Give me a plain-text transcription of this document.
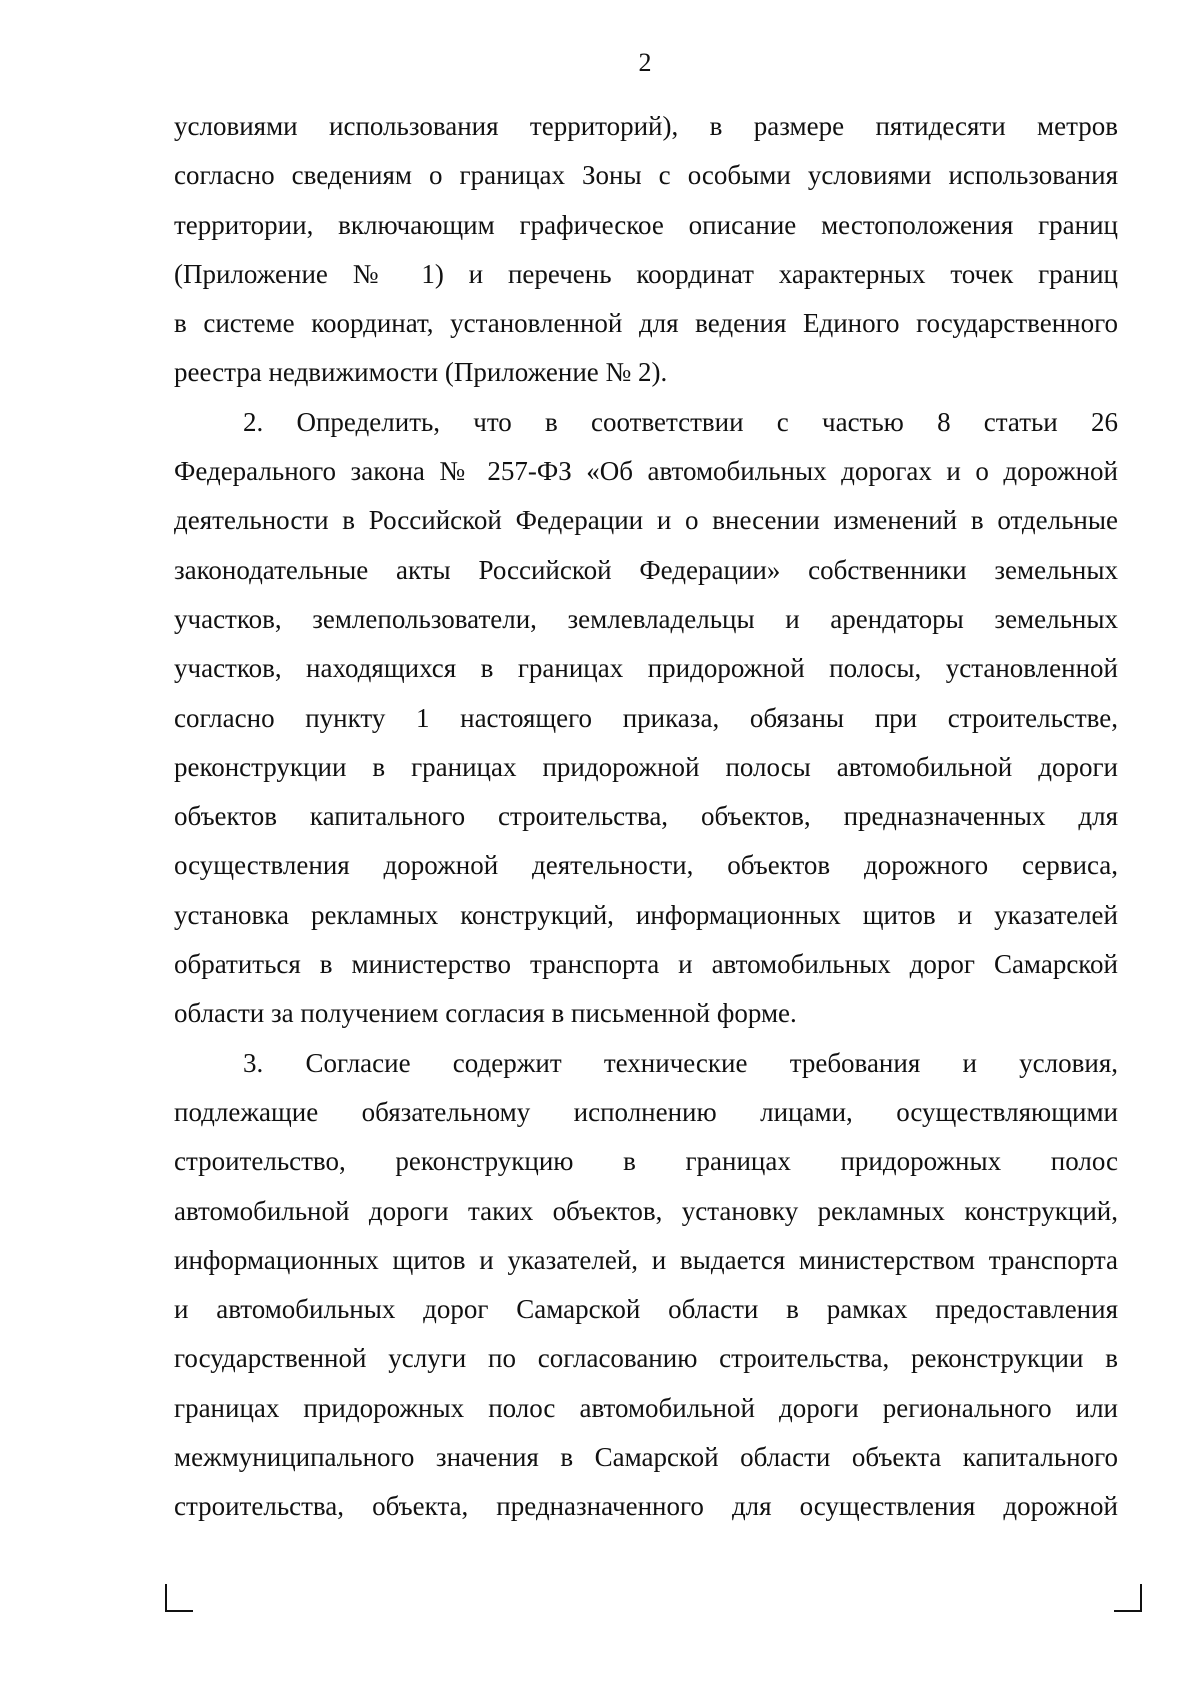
2
условиями использования территорий), в размере пятидесяти метров
согласно сведениям о границах Зоны с особыми условиями использования
территории, включающим графическое описание местоположения границ
(Приложение № 1) и перечень координат характерных точек границ
в системе координат, установленной для ведения Единого государственного
реестра недвижимости (Приложение № 2).
2. Определить, что в соответствии с частью 8 статьи 26
Федерального закона № 257-ФЗ «Об автомобильных дорогах и о дорожной
деятельности в Российской Федерации и о внесении изменений в отдельные
законодательные акты Российской Федерации» собственники земельных
участков, землепользователи, землевладельцы и арендаторы земельных
участков, находящихся в границах придорожной полосы, установленной
согласно пункту 1 настоящего приказа, обязаны при строительстве,
реконструкции в границах придорожной полосы автомобильной дороги
объектов капитального строительства, объектов, предназначенных для
осуществления дорожной деятельности, объектов дорожного сервиса,
установка рекламных конструкций, информационных щитов и указателей
обратиться в министерство транспорта и автомобильных дорог Самарской
области за получением согласия в письменной форме.
3. Согласие содержит технические требования и условия,
подлежащие обязательному исполнению лицами, осуществляющими
строительство, реконструкцию в границах придорожных полос
автомобильной дороги таких объектов, установку рекламных конструкций,
информационных щитов и указателей, и выдается министерством транспорта
и автомобильных дорог Самарской области в рамках предоставления
государственной услуги по согласованию строительства, реконструкции в
границах придорожных полос автомобильной дороги регионального или
межмуниципального значения в Самарской области объекта капитального
строительства, объекта, предназначенного для осуществления дорожной
